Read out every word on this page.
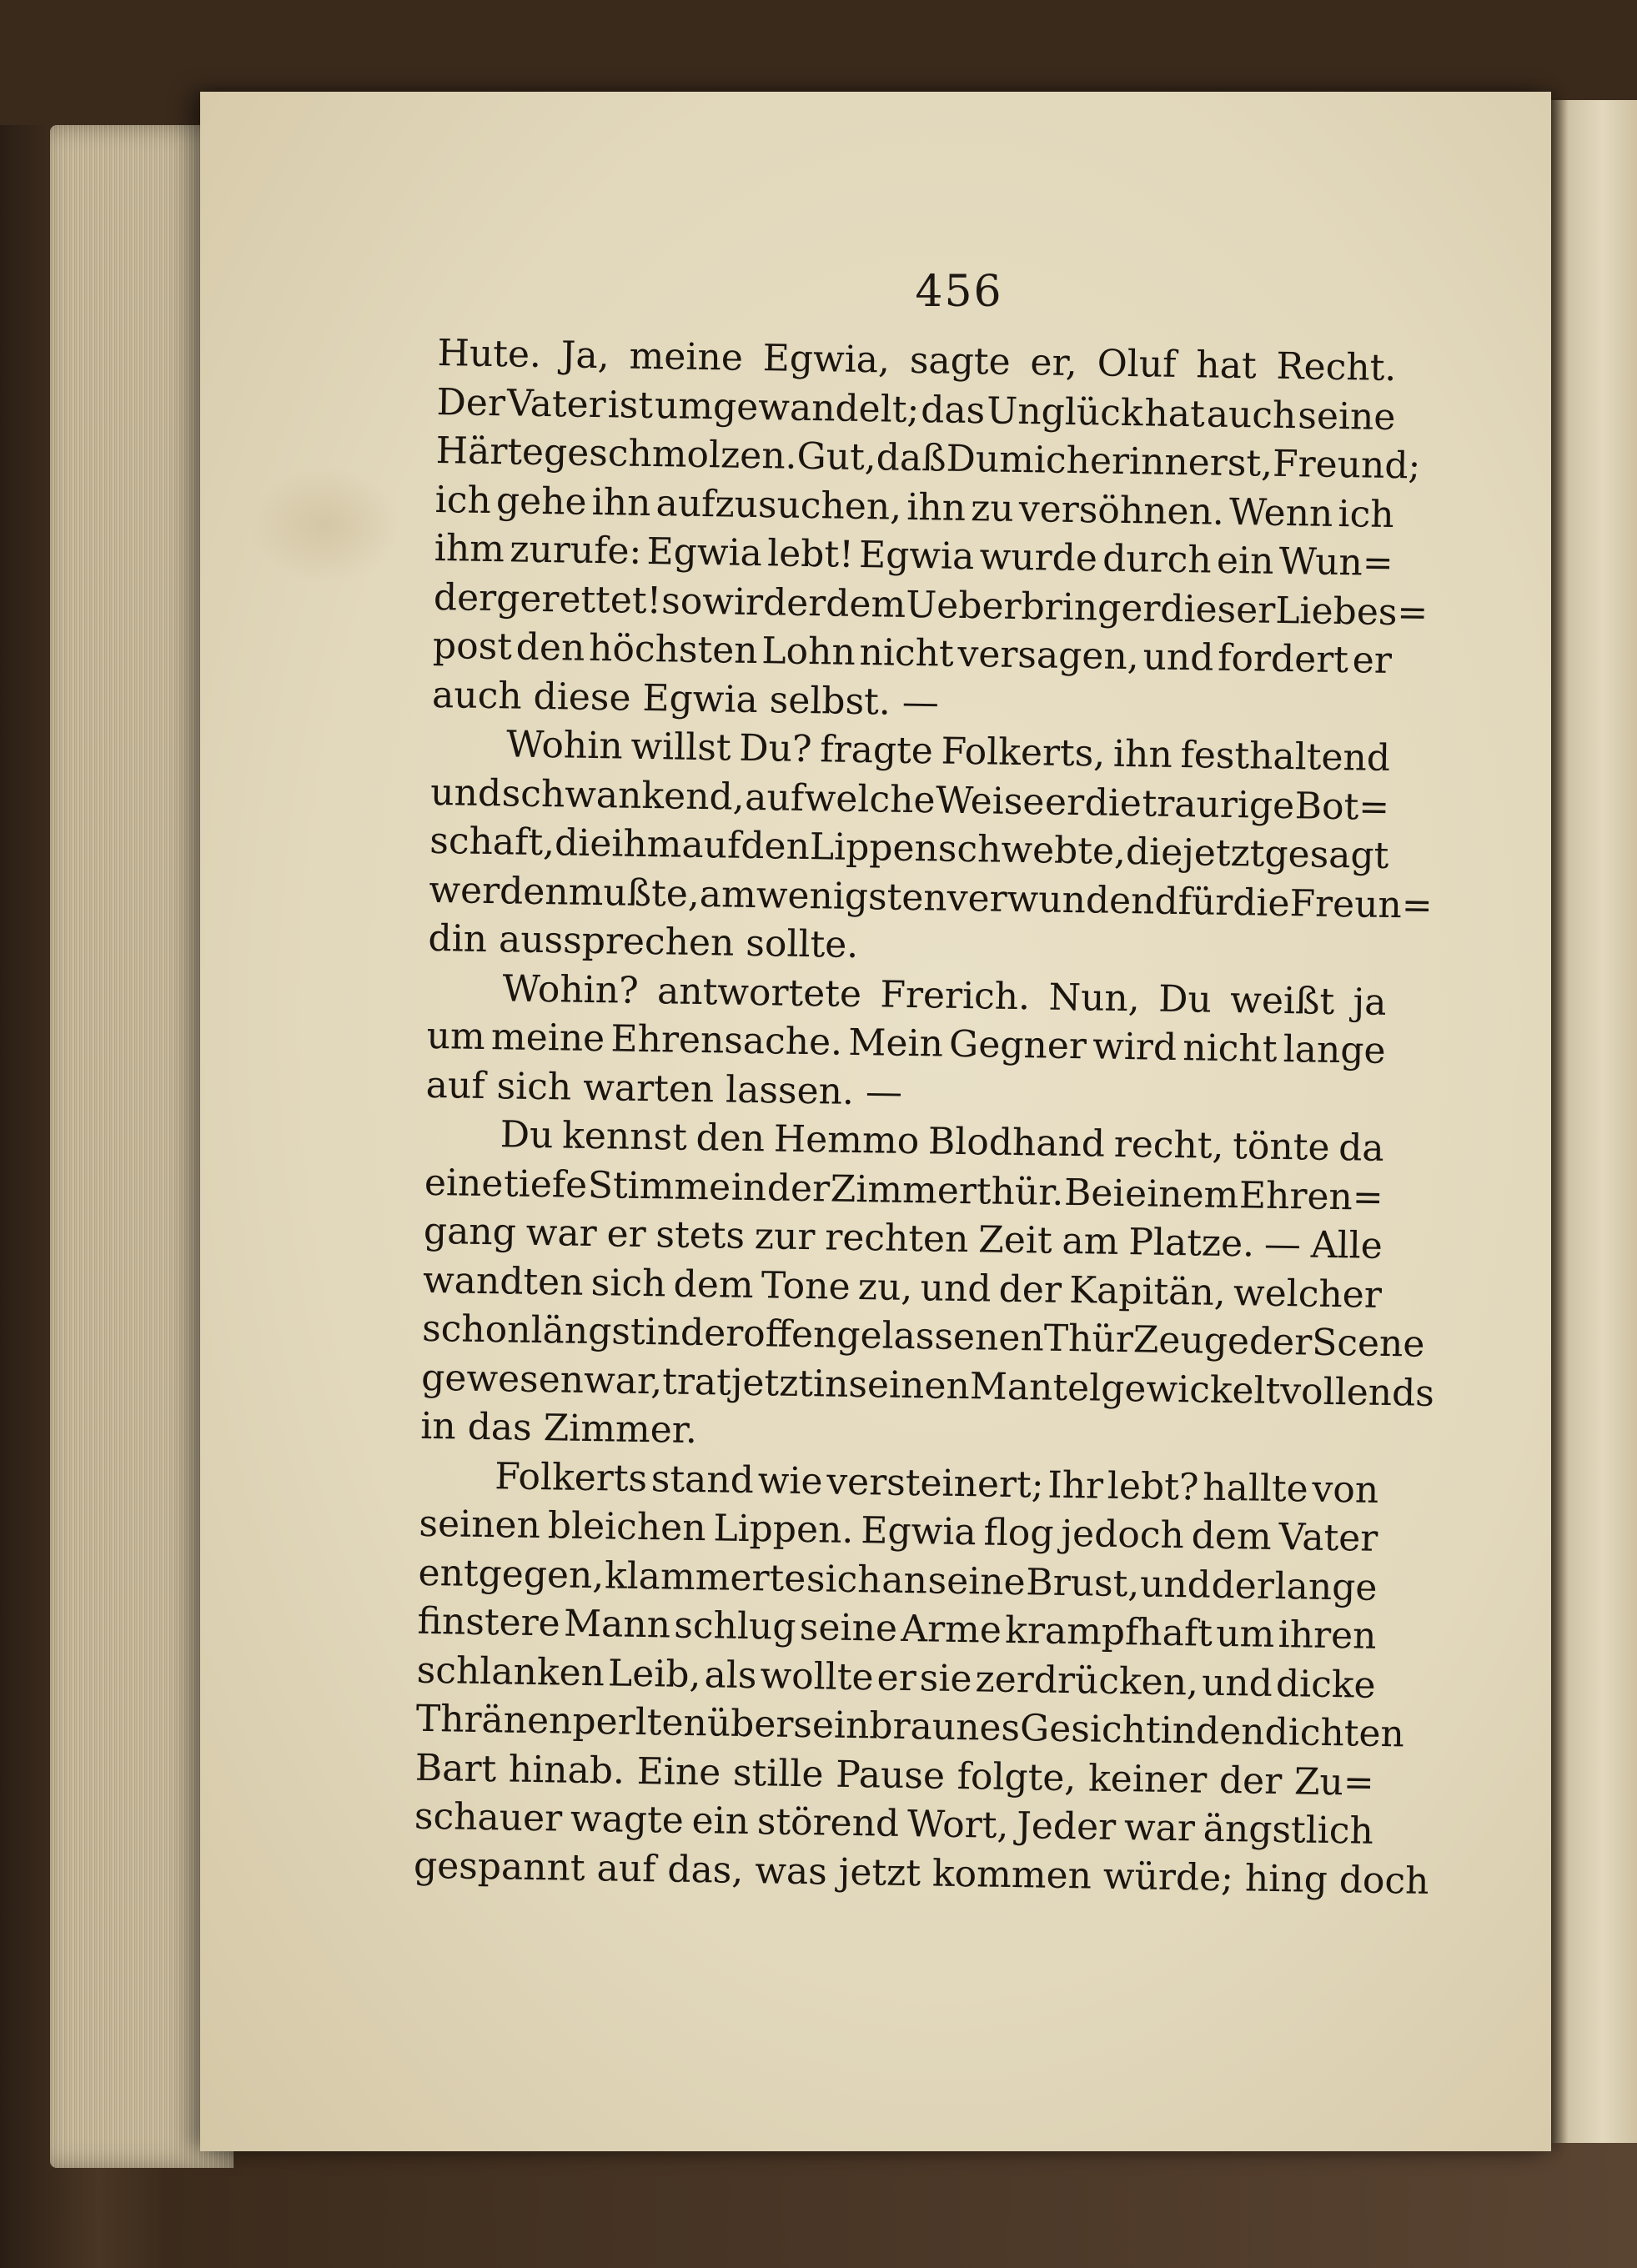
456
Hute. Ja, meine Egwia, sagte er, Oluf hat Recht.
Der Vater ist umgewandelt; das Unglück hat auch seine
Härte geschmolzen. Gut, daß Du mich erinnerst, Freund;
ich gehe ihn aufzusuchen, ihn zu versöhnen. Wenn ich
ihm zurufe: Egwia lebt! Egwia wurde durch ein Wun=
der gerettet! so wird er dem Ueberbringer dieser Liebes=
post den höchsten Lohn nicht versagen, und fordert er
auch diese Egwia selbst. —
Wohin willst Du? fragte Folkerts, ihn festhaltend
und schwankend, auf welche Weise er die traurige Bot=
schaft, die ihm auf den Lippen schwebte, die jetzt gesagt
werden mußte, am wenigsten verwundend für die Freun=
din aussprechen sollte.
Wohin? antwortete Frerich. Nun, Du weißt ja
um meine Ehrensache. Mein Gegner wird nicht lange
auf sich warten lassen. —
Du kennst den Hemmo Blodhand recht, tönte da
eine tiefe Stimme in der Zimmerthür. Bei einem Ehren=
gang war er stets zur rechten Zeit am Platze. — Alle
wandten sich dem Tone zu, und der Kapitän, welcher
schon längst in der offengelassenen Thür Zeuge der Scene
gewesen war, trat jetzt in seinen Mantel gewickelt vollends
in das Zimmer.
Folkerts stand wie versteinert; Ihr lebt? hallte von
seinen bleichen Lippen. Egwia flog jedoch dem Vater
entgegen, klammerte sich an seine Brust, und der lange
finstere Mann schlug seine Arme krampfhaft um ihren
schlanken Leib, als wollte er sie zerdrücken, und dicke
Thränen perlten über sein braunes Gesicht in den dichten
Bart hinab. Eine stille Pause folgte, keiner der Zu=
schauer wagte ein störend Wort, Jeder war ängstlich
gespannt auf das, was jetzt kommen würde; hing doch
